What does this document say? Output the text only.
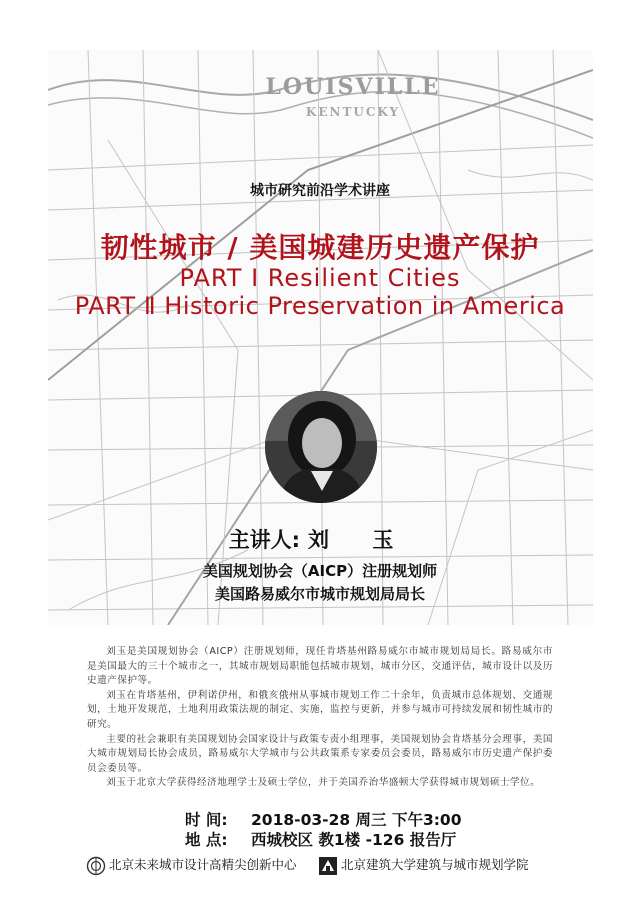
LOUISVILLE
KENTUCKY
城市研究前沿学术讲座
韧性城市 / 美国城建历史遗产保护
PART Ⅰ Resilient Cities
PART Ⅱ Historic Preservation in America
主讲人: 刘 玉
美国规划协会（AICP）注册规划师
美国路易威尔市城市规划局局长

刘玉是美国规划协会（AICP）注册规划师，现任肯塔基州路易威尔市城市规划局局长。路易威尔市是美国最大的三十个城市之一，其城市规划局职能包括城市规划，城市分区，交通评估，城市设计以及历史遗产保护等。

刘玉在肯塔基州，伊利诺伊州，和俄亥俄州从事城市规划工作二十余年，负责城市总体规划、交通规划，土地开发规范，土地利用政策法规的制定、实施，监控与更新，并参与城市可持续发展和韧性城市的研究。

主要的社会兼职有美国规划协会国家设计与政策专责小组理事，美国规划协会肯塔基分会理事，美国大城市规划局长协会成员，路易威尔大学城市与公共政策系专家委员会委员，路易威尔市历史遗产保护委员会委员等。

刘玉于北京大学获得经济地理学士及硕士学位，并于美国乔治华盛顿大学获得城市规划硕士学位。

时 间: 2018-03-28 周三 下午3:00
地 点: 西城校区 教1楼 -126 报告厅
北京未来城市设计高精尖创新中心	北京建筑大学建筑与城市规划学院
